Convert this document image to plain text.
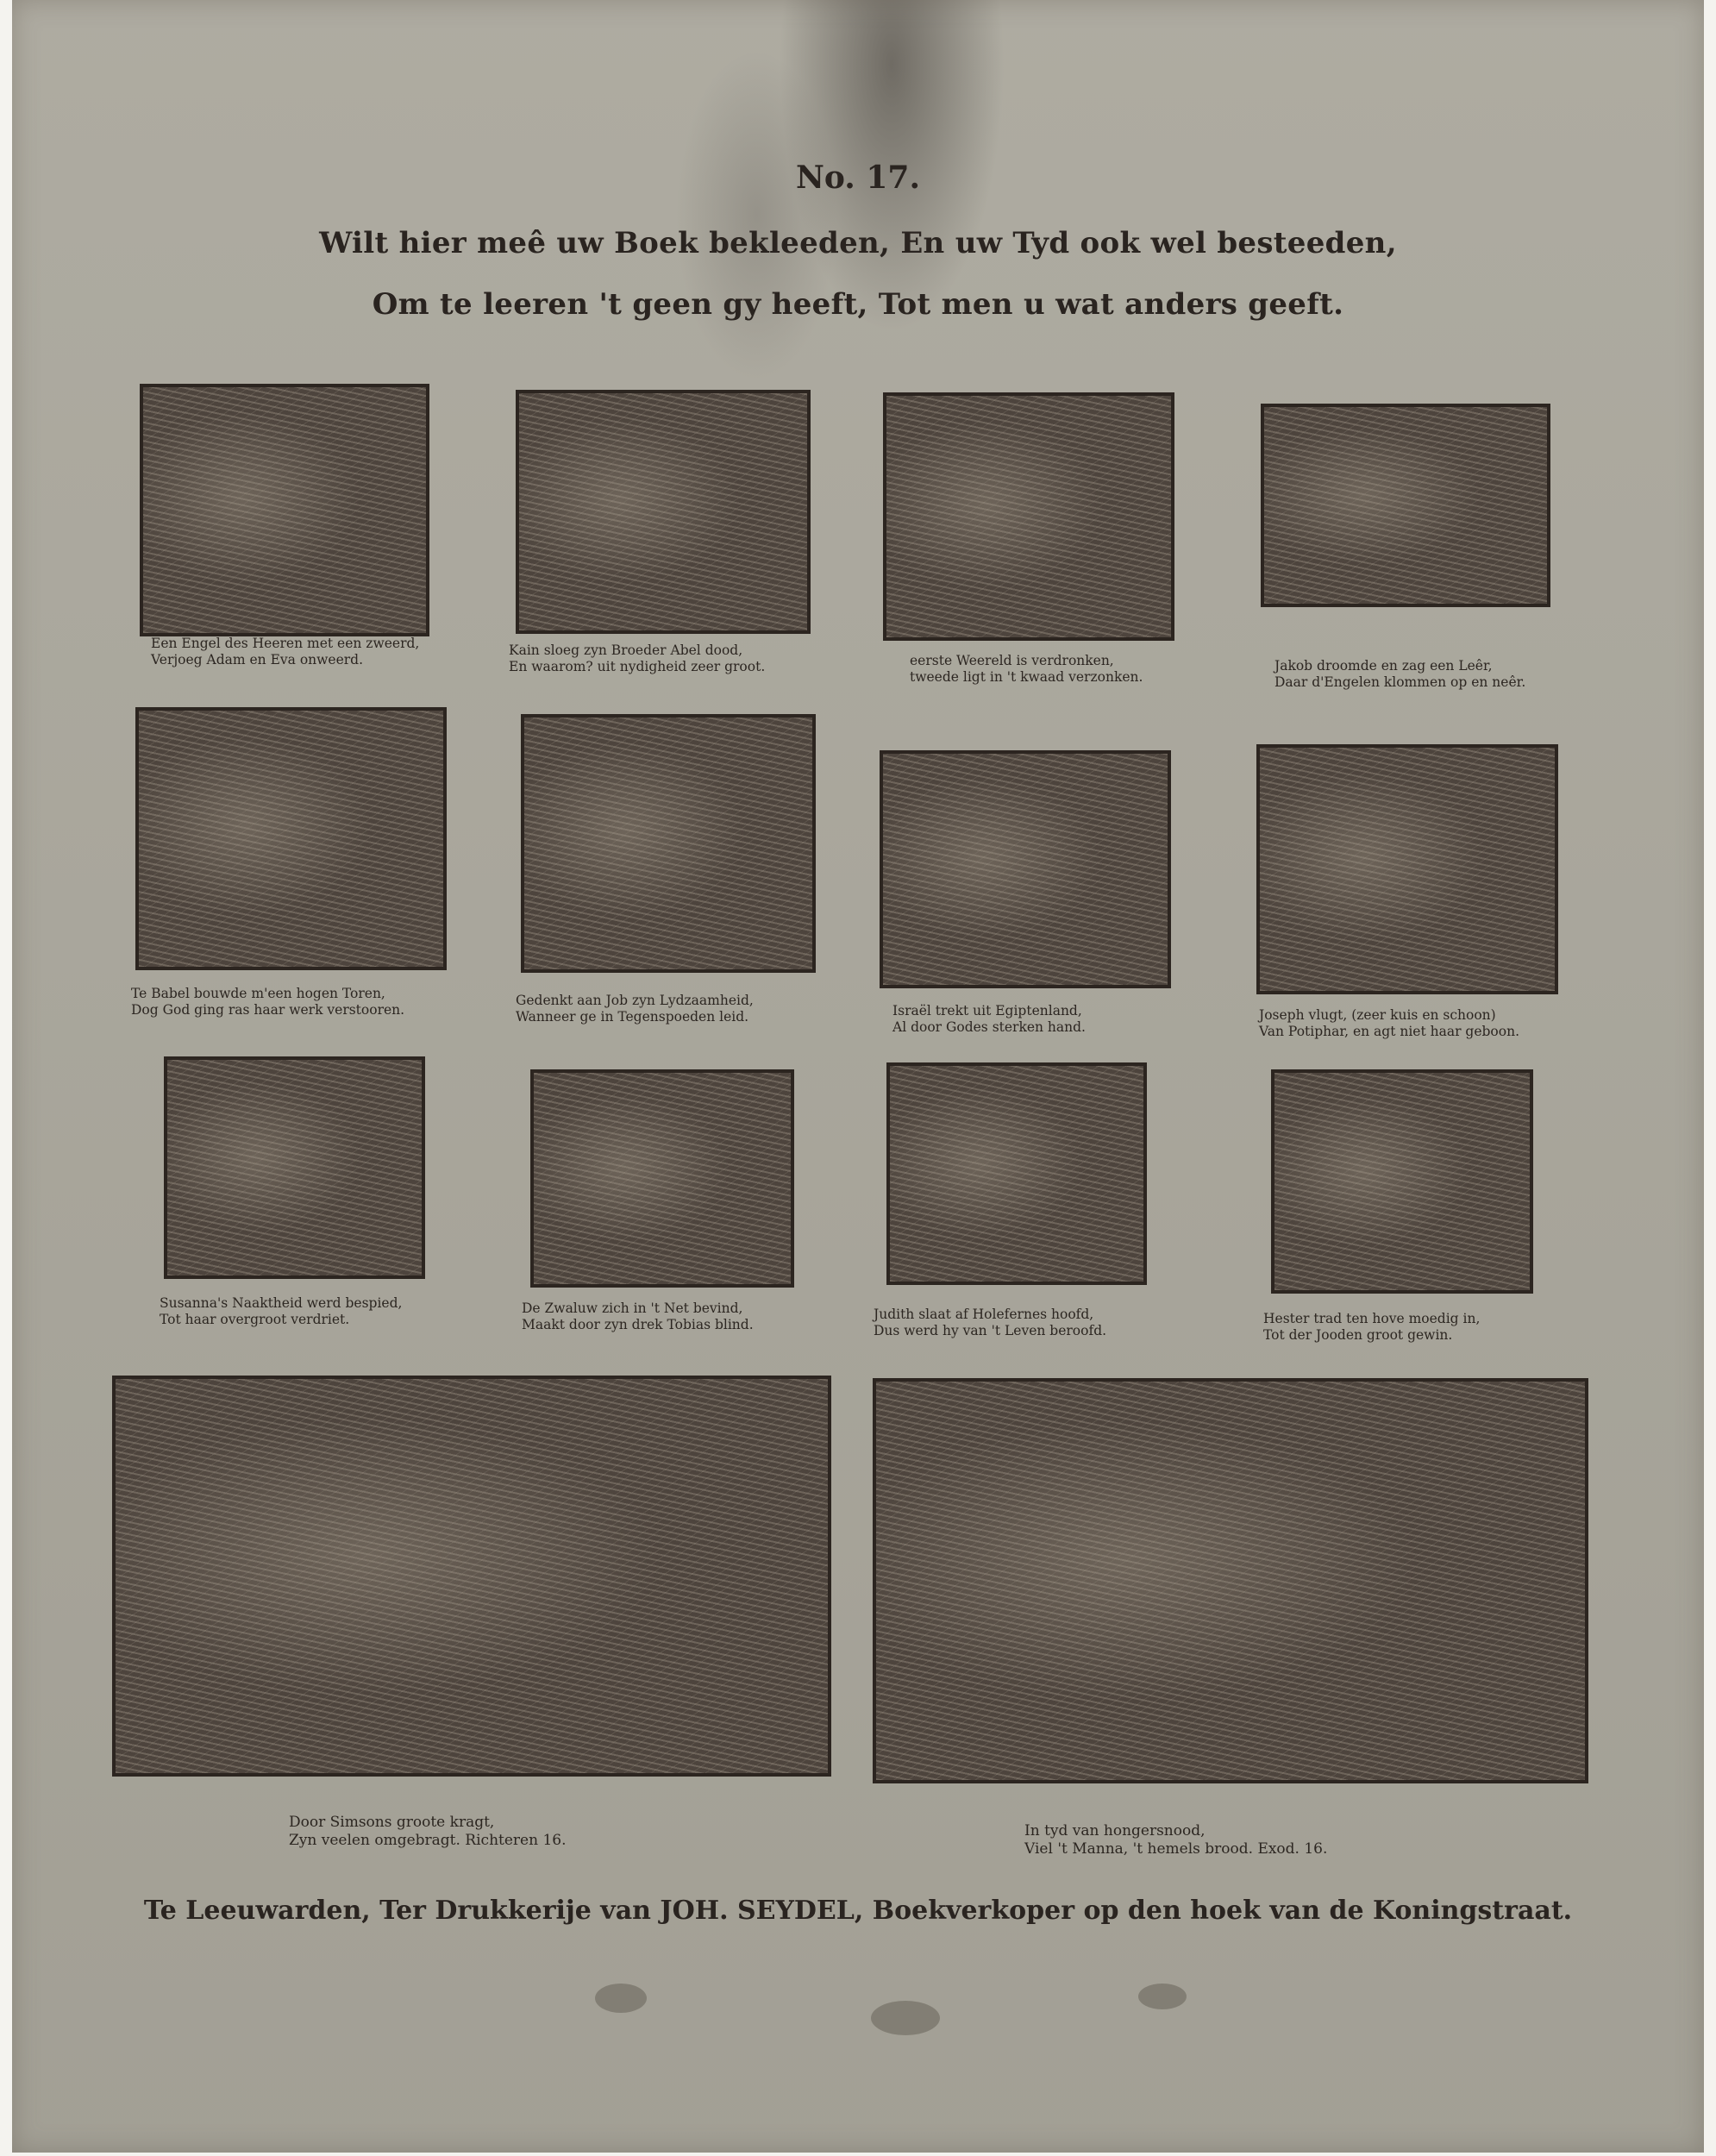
No. 17.
Wilt hier meê uw Boek bekleeden, En uw Tyd ook wel besteeden,
Om te leeren 't geen gy heeft, Tot men u wat anders geeft.
Een Engel des Heeren met een zweerd,
Verjoeg Adam en Eva onweerd.
Kain sloeg zyn Broeder Abel dood,
En waarom? uit nydigheid zeer groot.	eerste Weereld is verdronken,
tweede ligt in 't kwaad verzonken.
Jakob droomde en zag een Leêr,
Daar d'Engelen klommen op en neêr.
Te Babel bouwde m'een hogen Toren,
Dog God ging ras haar werk verstooren.
Gedenkt aan Job zyn Lydzaamheid,
Wanneer ge in Tegenspoeden leid.	Israël trekt uit Egiptenland,
Al door Godes sterken hand.
Joseph vlugt, (zeer kuis en schoon)
Van Potiphar, en agt niet haar geboon.
Susanna's Naaktheid werd bespied,
Tot haar overgroot verdriet.
De Zwaluw zich in 't Net bevind,
Maakt door zyn drek Tobias blind.
Judith slaat af Holefernes hoofd,
Dus werd hy van 't Leven beroofd.
Hester trad ten hove moedig in,
Tot der Jooden groot gewin.
Door Simsons groote kragt,
Zyn veelen omgebragt. Richteren 16.
In tyd van hongersnood,
Viel 't Manna, 't hemels brood. Exod. 16.
Te Leeuwarden, Ter Drukkerije van JOH. SEYDEL, Boekverkoper op den hoek van de Koningstraat.
